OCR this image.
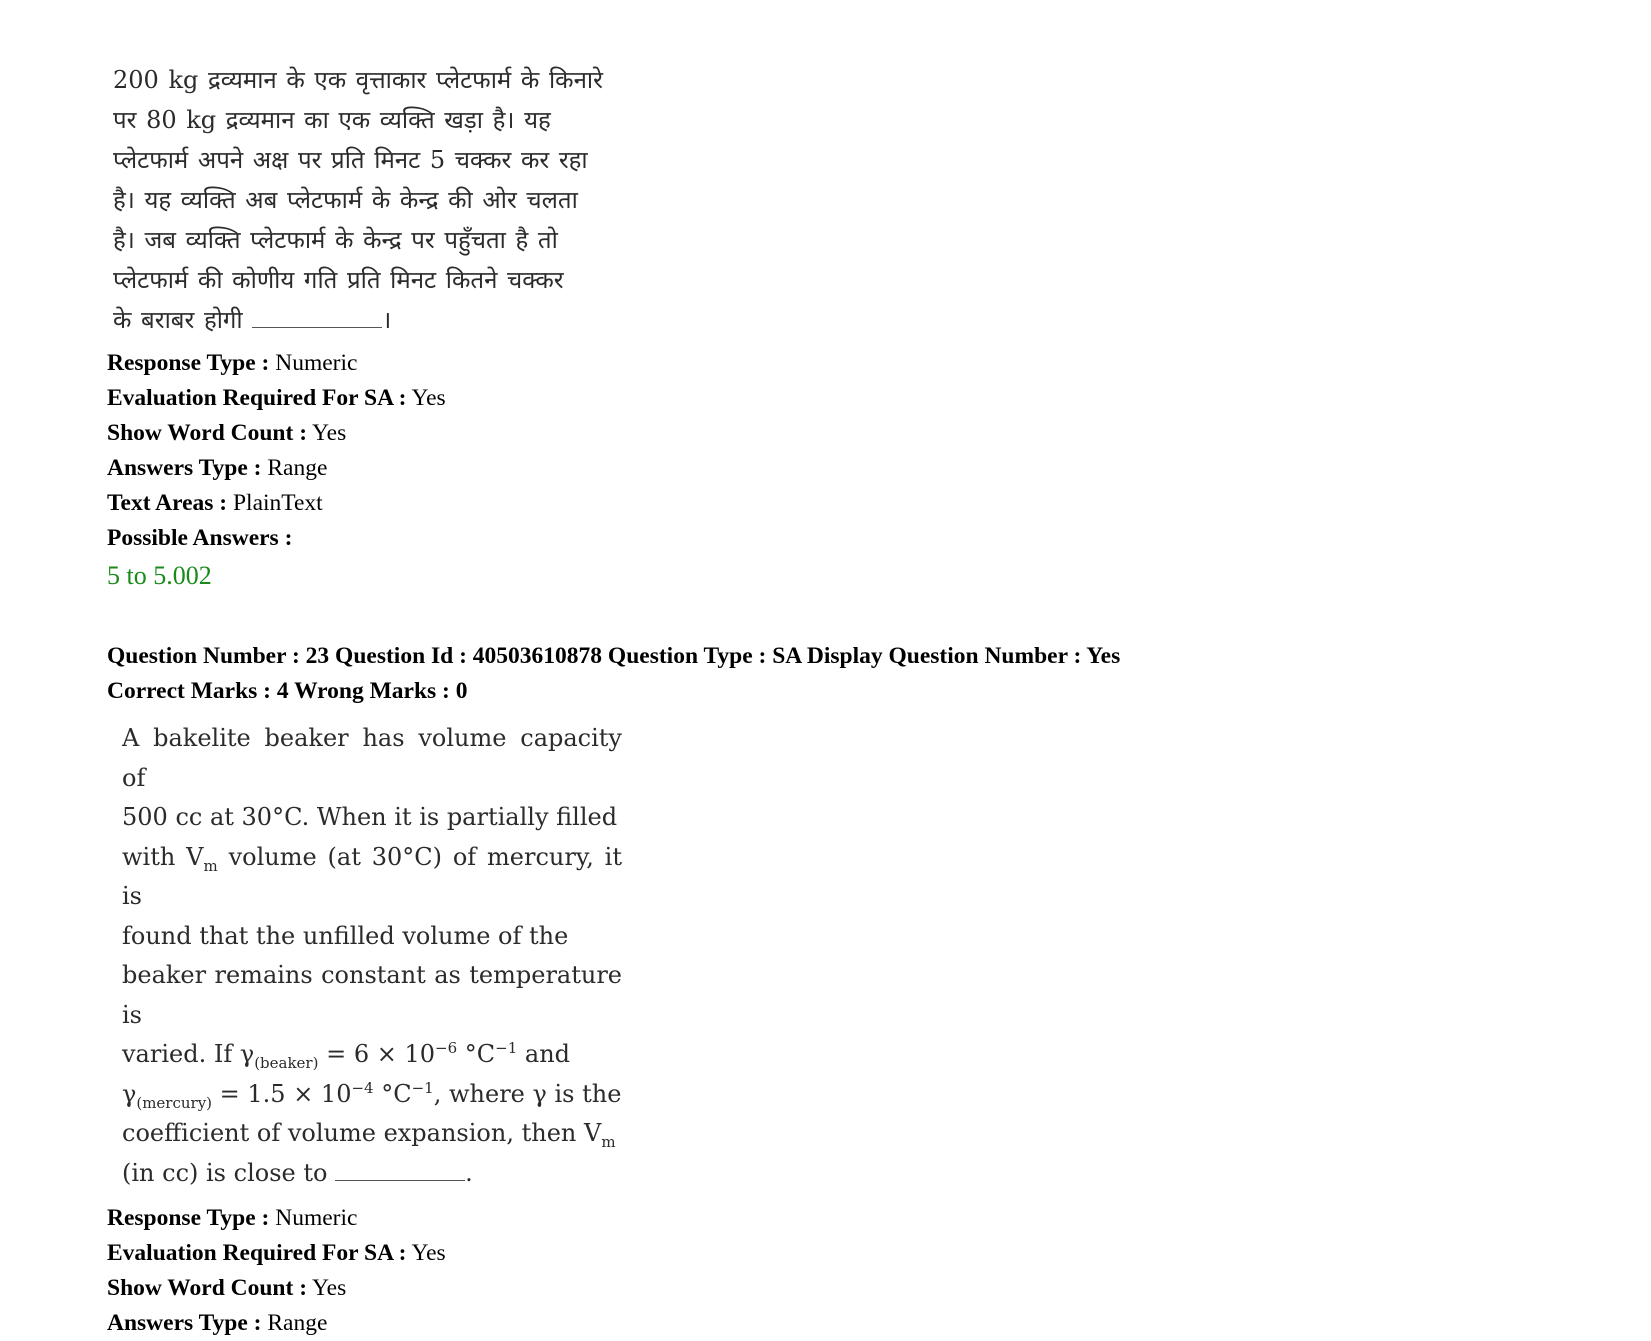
200 kg द्रव्यमान के एक वृत्ताकार प्लेटफार्म के किनारे
पर 80 kg द्रव्यमान का एक व्यक्ति खड़ा है। यह
प्लेटफार्म अपने अक्ष पर प्रति मिनट 5 चक्कर कर रहा
है। यह व्यक्ति अब प्लेटफार्म के केन्द्र की ओर चलता
है। जब व्यक्ति प्लेटफार्म के केन्द्र पर पहुँचता है तो
प्लेटफार्म की कोणीय गति प्रति मिनट कितने चक्कर
के बराबर होगी	।
Response Type : Numeric
Evaluation Required For SA : Yes
Show Word Count : Yes
Answers Type : Range
Text Areas : PlainText
Possible Answers :
5 to 5.002
Question Number : 23 Question Id : 40503610878 Question Type : SA Display Question Number : Yes
Correct Marks : 4 Wrong Marks : 0
A bakelite beaker has volume capacity of
500 cc at 30°C. When it is partially filled
with $V_m$ volume (at 30°C) of mercury, it is
found that the unfilled volume of the
beaker remains constant as temperature is
varied. If $\gamma_{(beaker)} = 6 \times 10^{-6}$ $^\circ C^{-1}$ and
$\gamma_{(mercury)} = 1.5 \times 10^{-4}$ $^\circ C^{-1}$, where γ is the
coefficient of volume expansion, then $V_m$
(in cc) is close to	.
Response Type : Numeric
Evaluation Required For SA : Yes
Show Word Count : Yes
Answers Type : Range
